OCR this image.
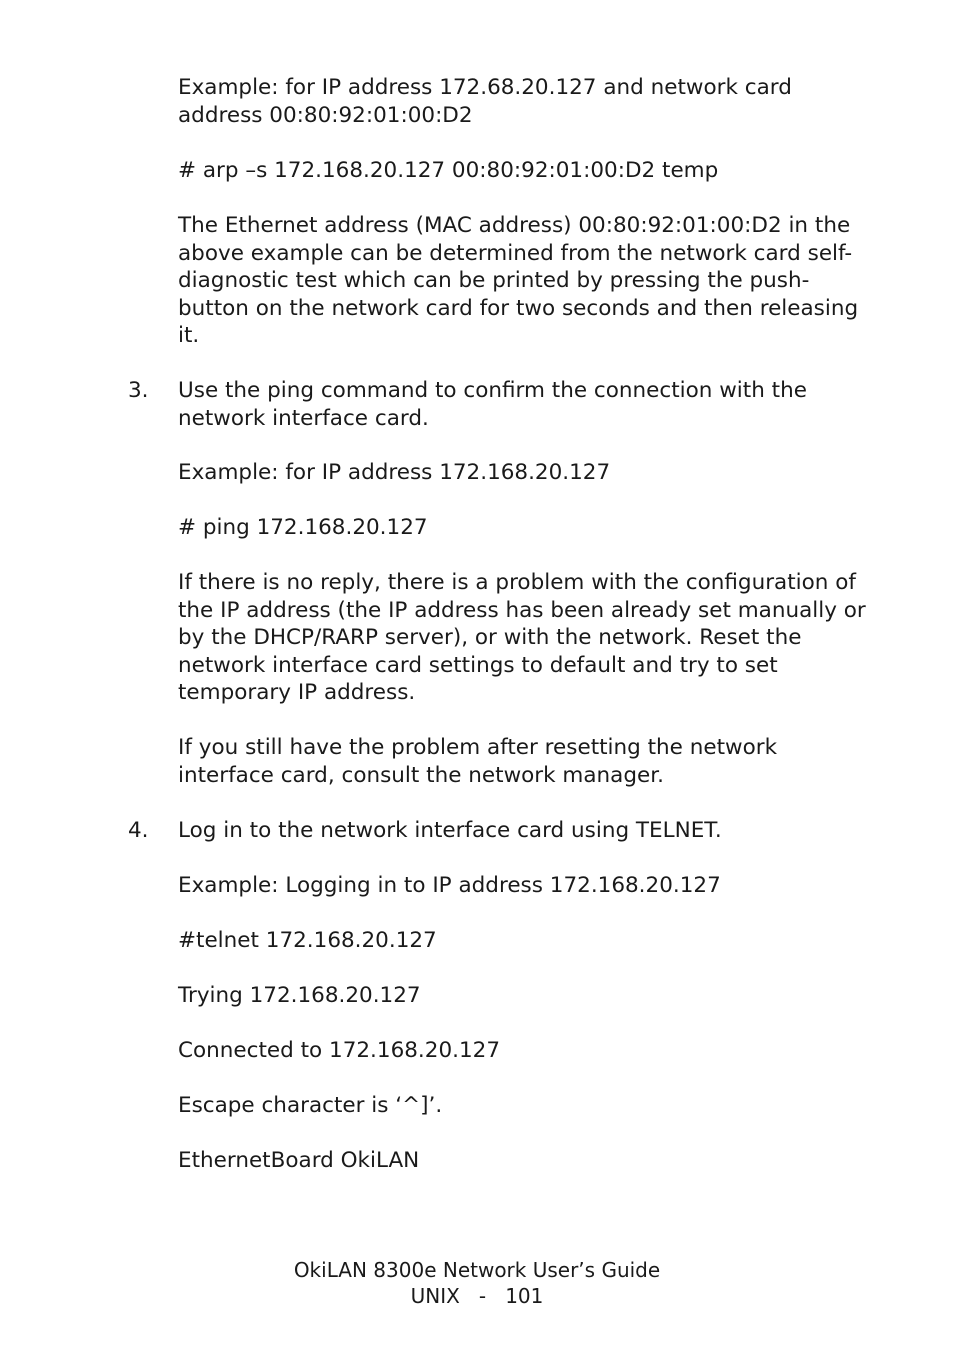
Example: for IP address 172.68.20.127 and network card address 00:80:92:01:00:D2

# arp –s 172.168.20.127 00:80:92:01:00:D2 temp

The Ethernet address (MAC address) 00:80:92:01:00:D2 in the above example can be determined from the network card self-diagnostic test which can be printed by pressing the push-button on the network card for two seconds and then releasing it.

3. Use the ping command to confirm the connection with the network interface card.

Example: for IP address 172.168.20.127

# ping 172.168.20.127

If there is no reply, there is a problem with the configuration of the IP address (the IP address has been already set manually or by the DHCP/RARP server), or with the network. Reset the network interface card settings to default and try to set temporary IP address.

If you still have the problem after resetting the network interface card, consult the network manager.

4. Log in to the network interface card using TELNET.

Example: Logging in to IP address 172.168.20.127

#telnet 172.168.20.127

Trying 172.168.20.127

Connected to 172.168.20.127

Escape character is ‘^]’.

EthernetBoard OkiLAN

OkiLAN 8300e Network User’s Guide

UNIX - 101
